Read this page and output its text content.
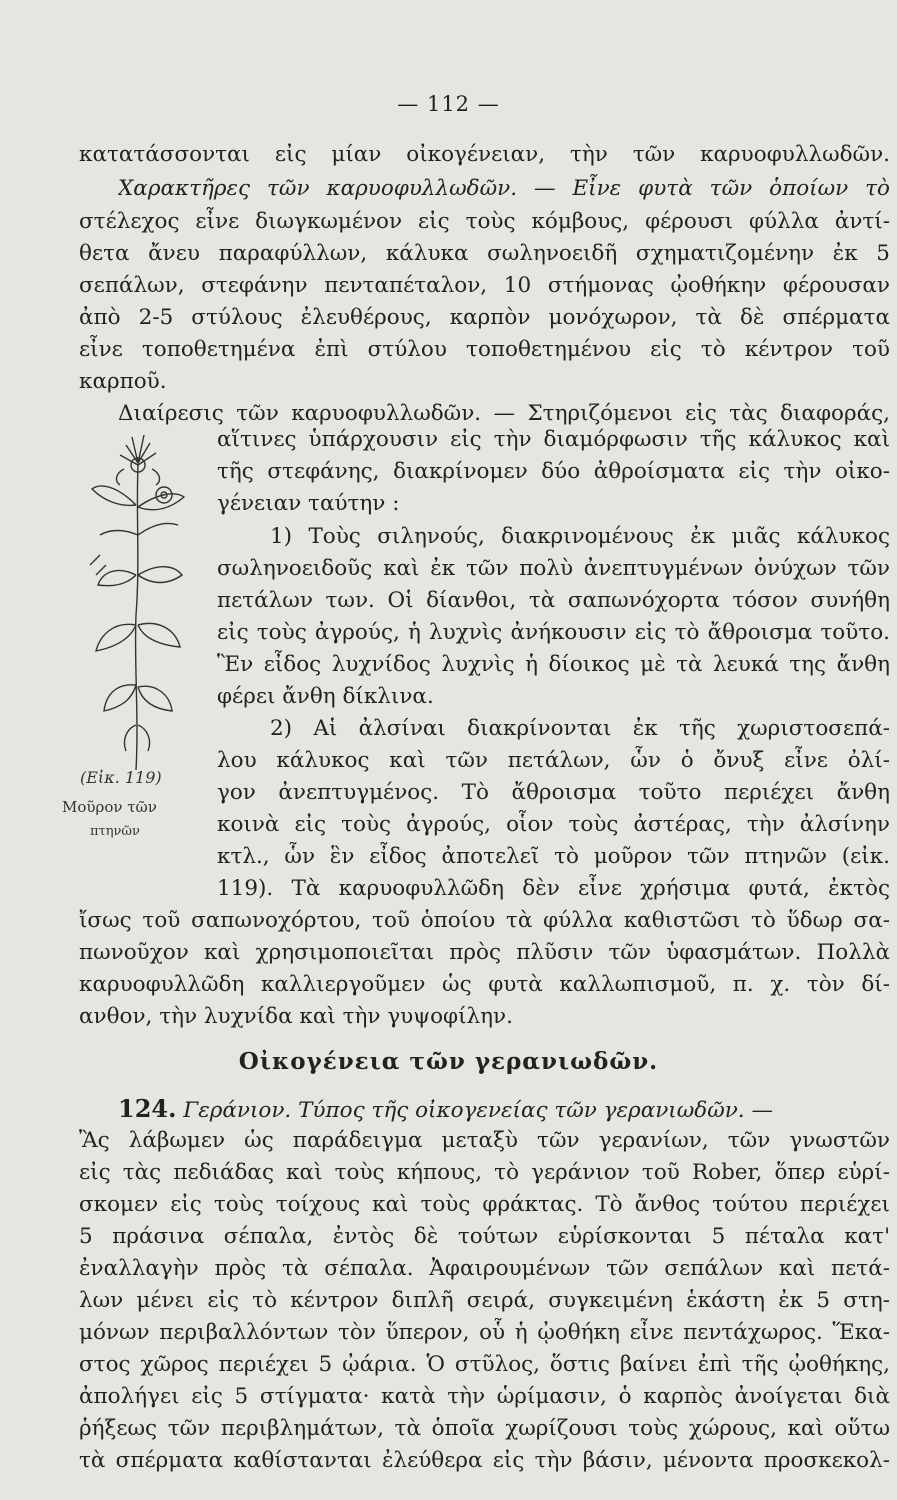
— 112 —
κατατάσσονται εἰς μίαν οἰκογένειαν, τὴν τῶν καρυοφυλλωδῶν.
Χαρακτῆρες τῶν καρυοφυλλωδῶν. — Εἶνε φυτὰ τῶν ὁποίων τὸ
στέλεχος εἶνε διωγκωμένον εἰς τοὺς κόμβους, φέρουσι φύλλα ἀντί-
θετα ἄνευ παραφύλλων, κάλυκα σωληνοειδῆ σχηματιζομένην ἐκ 5
σεπάλων, στεφάνην πενταπέταλον, 10 στήμονας ᾠοθήκην φέρουσαν
ἀπὸ 2-5 στύλους ἐλευθέρους, καρπὸν μονόχωρον, τὰ δὲ σπέρματα
εἶνε τοποθετημένα ἐπὶ στύλου τοποθετημένου εἰς τὸ κέντρον τοῦ
καρποῦ.
Διαίρεσις τῶν καρυοφυλλωδῶν. — Στηριζόμενοι εἰς τὰς διαφοράς,
(Εἰκ. 119)
Μοῦρον τῶν
πτηνῶν
αἵτινες ὑπάρχουσιν εἰς τὴν διαμόρφωσιν τῆς κάλυκος καὶ
τῆς στεφάνης, διακρίνομεν δύο ἀθροίσματα εἰς τὴν οἰκο-
γένειαν ταύτην :
1) Τοὺς σιληνούς, διακρινομένους ἐκ μιᾶς κάλυκος
σωληνοειδοῦς καὶ ἐκ τῶν πολὺ ἀνεπτυγμένων ὀνύχων τῶν
πετάλων των. Οἱ δίανθοι, τὰ σαπωνόχορτα τόσον συνήθη
εἰς τοὺς ἀγρούς, ἡ λυχνὶς ἀνήκουσιν εἰς τὸ ἄθροισμα τοῦτο.
Ἓν εἶδος λυχνίδος λυχνὶς ἡ δίοικος μὲ τὰ λευκά της ἄνθη
φέρει ἄνθη δίκλινα.
2) Αἱ ἀλσίναι διακρίνονται ἐκ τῆς χωριστοσεπά-
λου κάλυκος καὶ τῶν πετάλων, ὧν ὁ ὄνυξ εἶνε ὀλί-
γον ἀνεπτυγμένος. Τὸ ἄθροισμα τοῦτο περιέχει ἄνθη
κοινὰ εἰς τοὺς ἀγρούς, οἷον τοὺς ἀστέρας, τὴν ἀλσίνην
κτλ., ὧν ἓν εἶδος ἀποτελεῖ τὸ μοῦρον τῶν πτηνῶν (εἰκ.
119). Τὰ καρυοφυλλῶδη δὲν εἶνε χρήσιμα φυτά, ἐκτὸς
ἴσως τοῦ σαπωνοχόρτου, τοῦ ὁποίου τὰ φύλλα καθιστῶσι τὸ ὕδωρ σα-
πωνοῦχον καὶ χρησιμοποιεῖται πρὸς πλῦσιν τῶν ὑφασμάτων. Πολλὰ
καρυοφυλλῶδη καλλιεργοῦμεν ὡς φυτὰ καλλωπισμοῦ, π. χ. τὸν δί-
ανθον, τὴν λυχνίδα καὶ τὴν γυψοφίλην.
Οἰκογένεια τῶν γερανιωδῶν.
124. Γεράνιον. Τύπος τῆς οἰκογενείας τῶν γερανιωδῶν. —
Ἂς λάβωμεν ὡς παράδειγμα μεταξὺ τῶν γερανίων, τῶν γνωστῶν
εἰς τὰς πεδιάδας καὶ τοὺς κήπους, τὸ γεράνιον τοῦ Rober, ὅπερ εὑρί-
σκομεν εἰς τοὺς τοίχους καὶ τοὺς φράκτας. Τὸ ἄνθος τούτου περιέχει
5 πράσινα σέπαλα, ἐντὸς δὲ τούτων εὑρίσκονται 5 πέταλα κατ'
ἐναλλαγὴν πρὸς τὰ σέπαλα. Ἀφαιρουμένων τῶν σεπάλων καὶ πετά-
λων μένει εἰς τὸ κέντρον διπλῆ σειρά, συγκειμένη ἑκάστη ἐκ 5 στη-
μόνων περιβαλλόντων τὸν ὕπερον, οὗ ἡ ᾠοθήκη εἶνε πεντάχωρος. Ἕκα-
στος χῶρος περιέχει 5 ᾠάρια. Ὁ στῦλος, ὅστις βαίνει ἐπὶ τῆς ᾠοθήκης,
ἀπολήγει εἰς 5 στίγματα· κατὰ τὴν ὡρίμασιν, ὁ καρπὸς ἀνοίγεται διὰ
ῥήξεως τῶν περιβλημάτων, τὰ ὁποῖα χωρίζουσι τοὺς χώρους, καὶ οὕτω
τὰ σπέρματα καθίστανται ἐλεύθερα εἰς τὴν βάσιν, μένοντα προσκεκολ-
